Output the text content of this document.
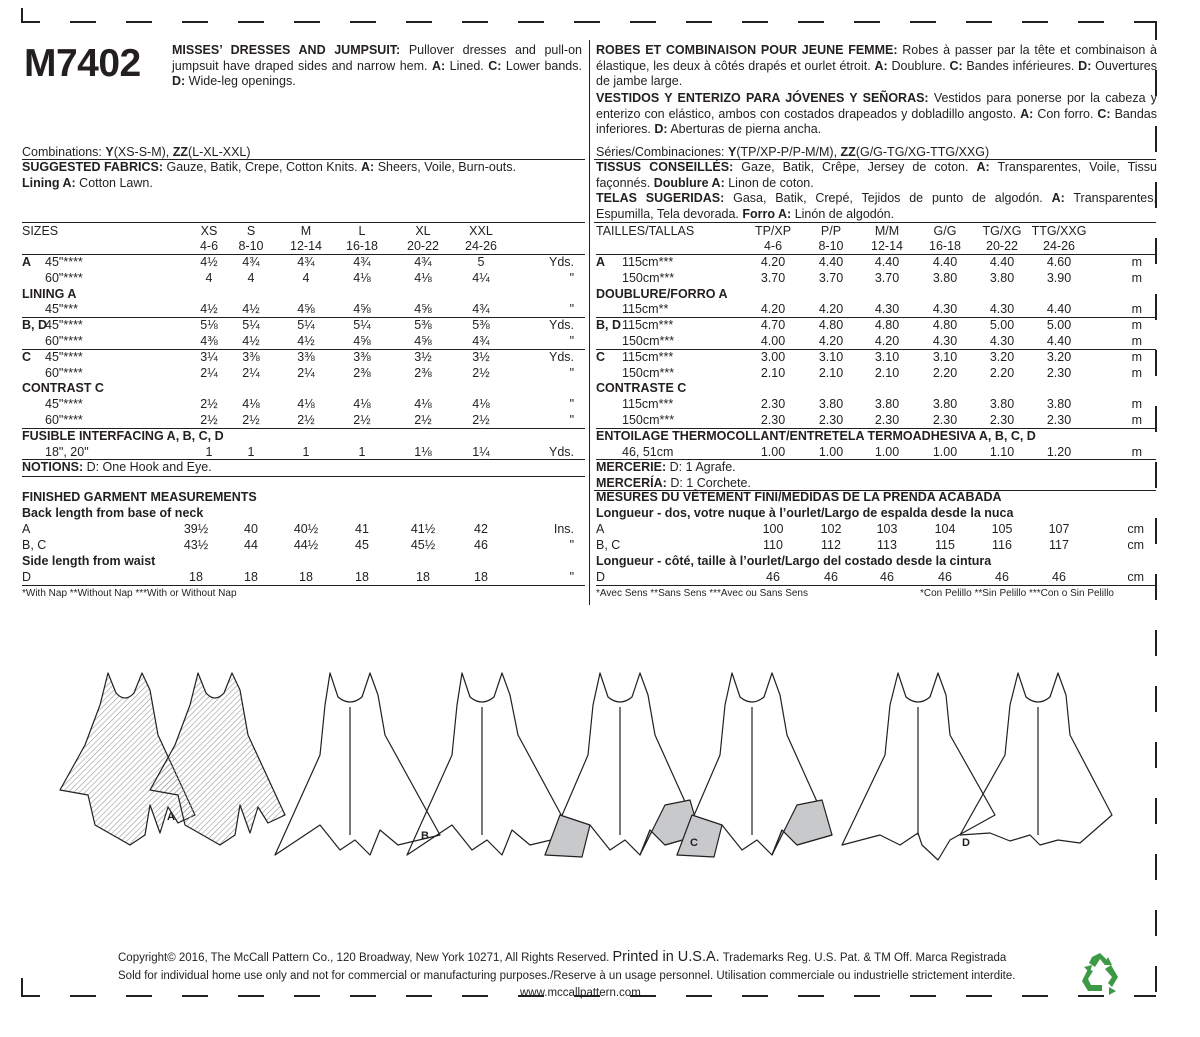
M7402	MISSES’ DRESSES AND JUMPSUIT: Pullover dresses and pull-on jumpsuit have draped sides and narrow hem. A: Lined. C: Lower bands. D: Wide-leg openings.
ROBES ET COMBINAISON POUR JEUNE FEMME: Robes à passer par la tête et combinaison à élastique, les deux à côtés drapés et ourlet étroit. A: Doublure. C: Bandes inférieures. D: Ouvertures de jambe large.
VESTIDOS Y ENTERIZO PARA JÓVENES Y SEÑORAS: Vestidos para ponerse por la cabeza y enterizo con elástico, ambos con costados drapeados y dobladillo angosto. A: Con forro. C: Bandas inferiores. D: Aberturas de pierna ancha.
Combinations: Y(XS-S-M), ZZ(L-XL-XXL)
SUGGESTED FABRICS: Gauze, Batik, Crepe, Cotton Knits. A: Sheers, Voile, Burn-outs.
Lining A: Cotton Lawn.
SIZES	XS	S	M	L	XL	XXL
4-6	8-10	12-14	16-18	20-22	24-26
A 45"****	4½	4¾	4¾	4¾	4¾	5	Yds.
60"****	4	4	4	4⅛	4⅛	4¼	"
LINING A
45"***	4½	4½	4⅝	4⅝	4⅝	4¾	"
B, D
45"****	5⅛	5¼	5¼	5¼	5⅜	5⅜	Yds.
60"****	4⅜	4½	4½	4⅝	4⅝	4¾	"
C 45"****	3¼	3⅜	3⅜	3⅜	3½	3½	Yds.
60"****	2¼	2¼	2¼	2⅜	2⅜	2½	"
CONTRAST C
45"****	2½	4⅛	4⅛	4⅛	4⅛	4⅛	"
60"****	2½	2½	2½	2½	2½	2½	"
FUSIBLE INTERFACING A, B, C, D
18", 20"	1	1	1	1	1⅛	1¼	Yds.
NOTIONS: D: One Hook and Eye.
FINISHED GARMENT MEASUREMENTS
Back length from base of neck
A	39½	40	40½	41	41½	42	Ins.
B, C	43½	44	44½	45	45½	46	"
Side length from waist
D	18	18	18	18	18	18	"
*With Nap **Without Nap ***With or Without Nap
Séries/Combinaciones: Y(TP/XP-P/P-M/M), ZZ(G/G-TG/XG-TTG/XXG)
TISSUS CONSEILLÉS: Gaze, Batik, Crêpe, Jersey de coton. A: Transparentes, Voile, Tissu façonnés. Doublure A: Linon de coton.
TELAS SUGERIDAS: Gasa, Batik, Crepé, Tejidos de punto de algodón. A: Transparentes, Espumilla, Tela devorada. Forro A: Linón de algodón.
TAILLES/TALLAS	TP/XP	P/P	M/M	G/G	TG/XG TTG/XXG
4-6	8-10	12-14	16-18	20-22	24-26
A 115cm***	4.20	4.40	4.40	4.40	4.40	4.60	m
150cm***	3.70	3.70	3.70	3.80	3.80	3.90	m
DOUBLURE/FORRO A
115cm**	4.20	4.20	4.30	4.30	4.30	4.40	m
B, D 115cm***	4.70	4.80	4.80	4.80	5.00	5.00	m
150cm***	4.00	4.20	4.20	4.30	4.30	4.40	m
C 115cm***	3.00	3.10	3.10	3.10	3.20	3.20	m
150cm***	2.10	2.10	2.10	2.20	2.20	2.30	m
CONTRASTE C
115cm***	2.30	3.80	3.80	3.80	3.80	3.80	m
150cm***	2.30	2.30	2.30	2.30	2.30	2.30	m
ENTOILAGE THERMOCOLLANT/ENTRETELA TERMOADHESIVA A, B, C, D
46, 51cm	1.00	1.00	1.00	1.00	1.10	1.20	m
MERCERIE: D: 1 Agrafe.
MERCERÍA: D: 1 Corchete.
MESURES DU VÊTEMENT FINI/MEDIDAS DE LA PRENDA ACABADA
Longueur - dos, votre nuque à l’ourlet/Largo de espalda desde la nuca
A	100	102	103	104	105	107	cm
B, C	110	112	113	115	116	117	cm
Longueur - côté, taille à l’ourlet/Largo del costado desde la cintura
D	46	46	46	46	46	46	cm
*Avec Sens **Sans Sens ***Avec ou Sans Sens	*Con Pelillo **Sin Pelillo ***Con o Sin Pelillo
A
B
C	D
Copyright© 2016, The McCall Pattern Co., 120 Broadway, New York 10271, All Rights Reserved. Printed in U.S.A. Trademarks Reg. U.S. Pat. & TM Off. Marca Registrada
Sold for individual home use only and not for commercial or manufacturing purposes./Reserve à un usage personnel. Utilisation commerciale ou industrielle strictement interdite.
www.mccallpattern.com
